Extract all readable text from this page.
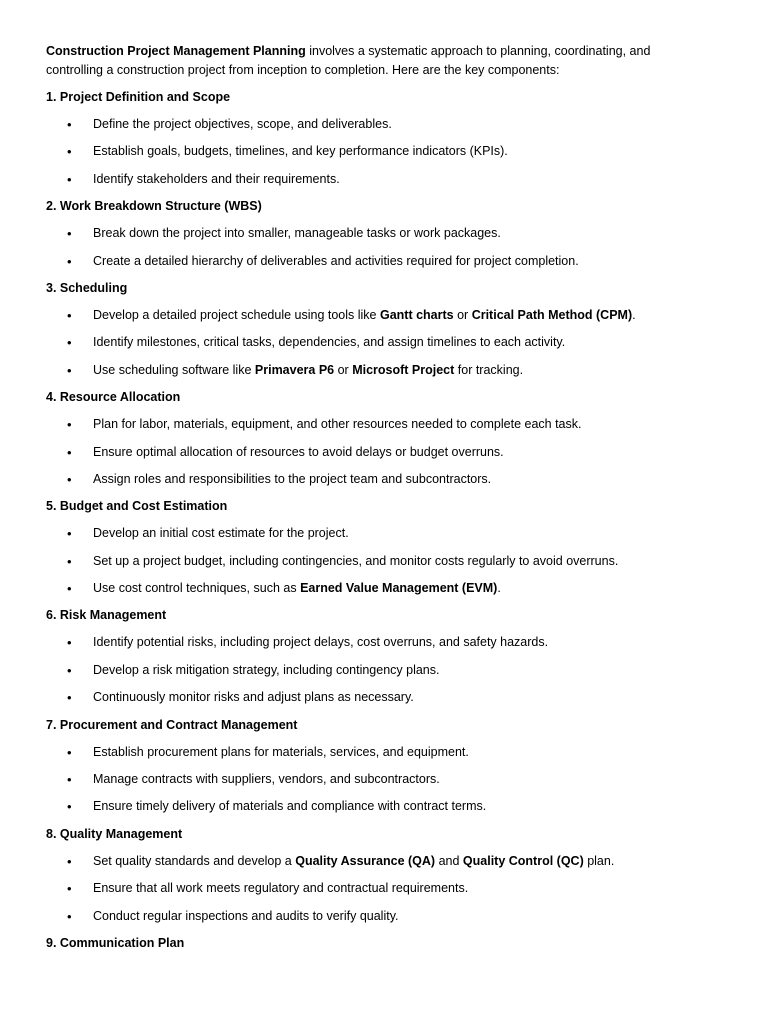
Construction Project Management Planning involves a systematic approach to planning, coordinating, and controlling a construction project from inception to completion. Here are the key components:

1. Project Definition and Scope

• Define the project objectives, scope, and deliverables.
• Establish goals, budgets, timelines, and key performance indicators (KPIs).
• Identify stakeholders and their requirements.

2. Work Breakdown Structure (WBS)

• Break down the project into smaller, manageable tasks or work packages.
• Create a detailed hierarchy of deliverables and activities required for project completion.

3. Scheduling

• Develop a detailed project schedule using tools like Gantt charts or Critical Path Method (CPM).
• Identify milestones, critical tasks, dependencies, and assign timelines to each activity.
• Use scheduling software like Primavera P6 or Microsoft Project for tracking.

4. Resource Allocation

• Plan for labor, materials, equipment, and other resources needed to complete each task.
• Ensure optimal allocation of resources to avoid delays or budget overruns.
• Assign roles and responsibilities to the project team and subcontractors.

5. Budget and Cost Estimation

• Develop an initial cost estimate for the project.
• Set up a project budget, including contingencies, and monitor costs regularly to avoid overruns.
• Use cost control techniques, such as Earned Value Management (EVM).

6. Risk Management

• Identify potential risks, including project delays, cost overruns, and safety hazards.
• Develop a risk mitigation strategy, including contingency plans.
• Continuously monitor risks and adjust plans as necessary.

7. Procurement and Contract Management

• Establish procurement plans for materials, services, and equipment.
• Manage contracts with suppliers, vendors, and subcontractors.
• Ensure timely delivery of materials and compliance with contract terms.

8. Quality Management

• Set quality standards and develop a Quality Assurance (QA) and Quality Control (QC) plan.
• Ensure that all work meets regulatory and contractual requirements.
• Conduct regular inspections and audits to verify quality.

9. Communication Plan
